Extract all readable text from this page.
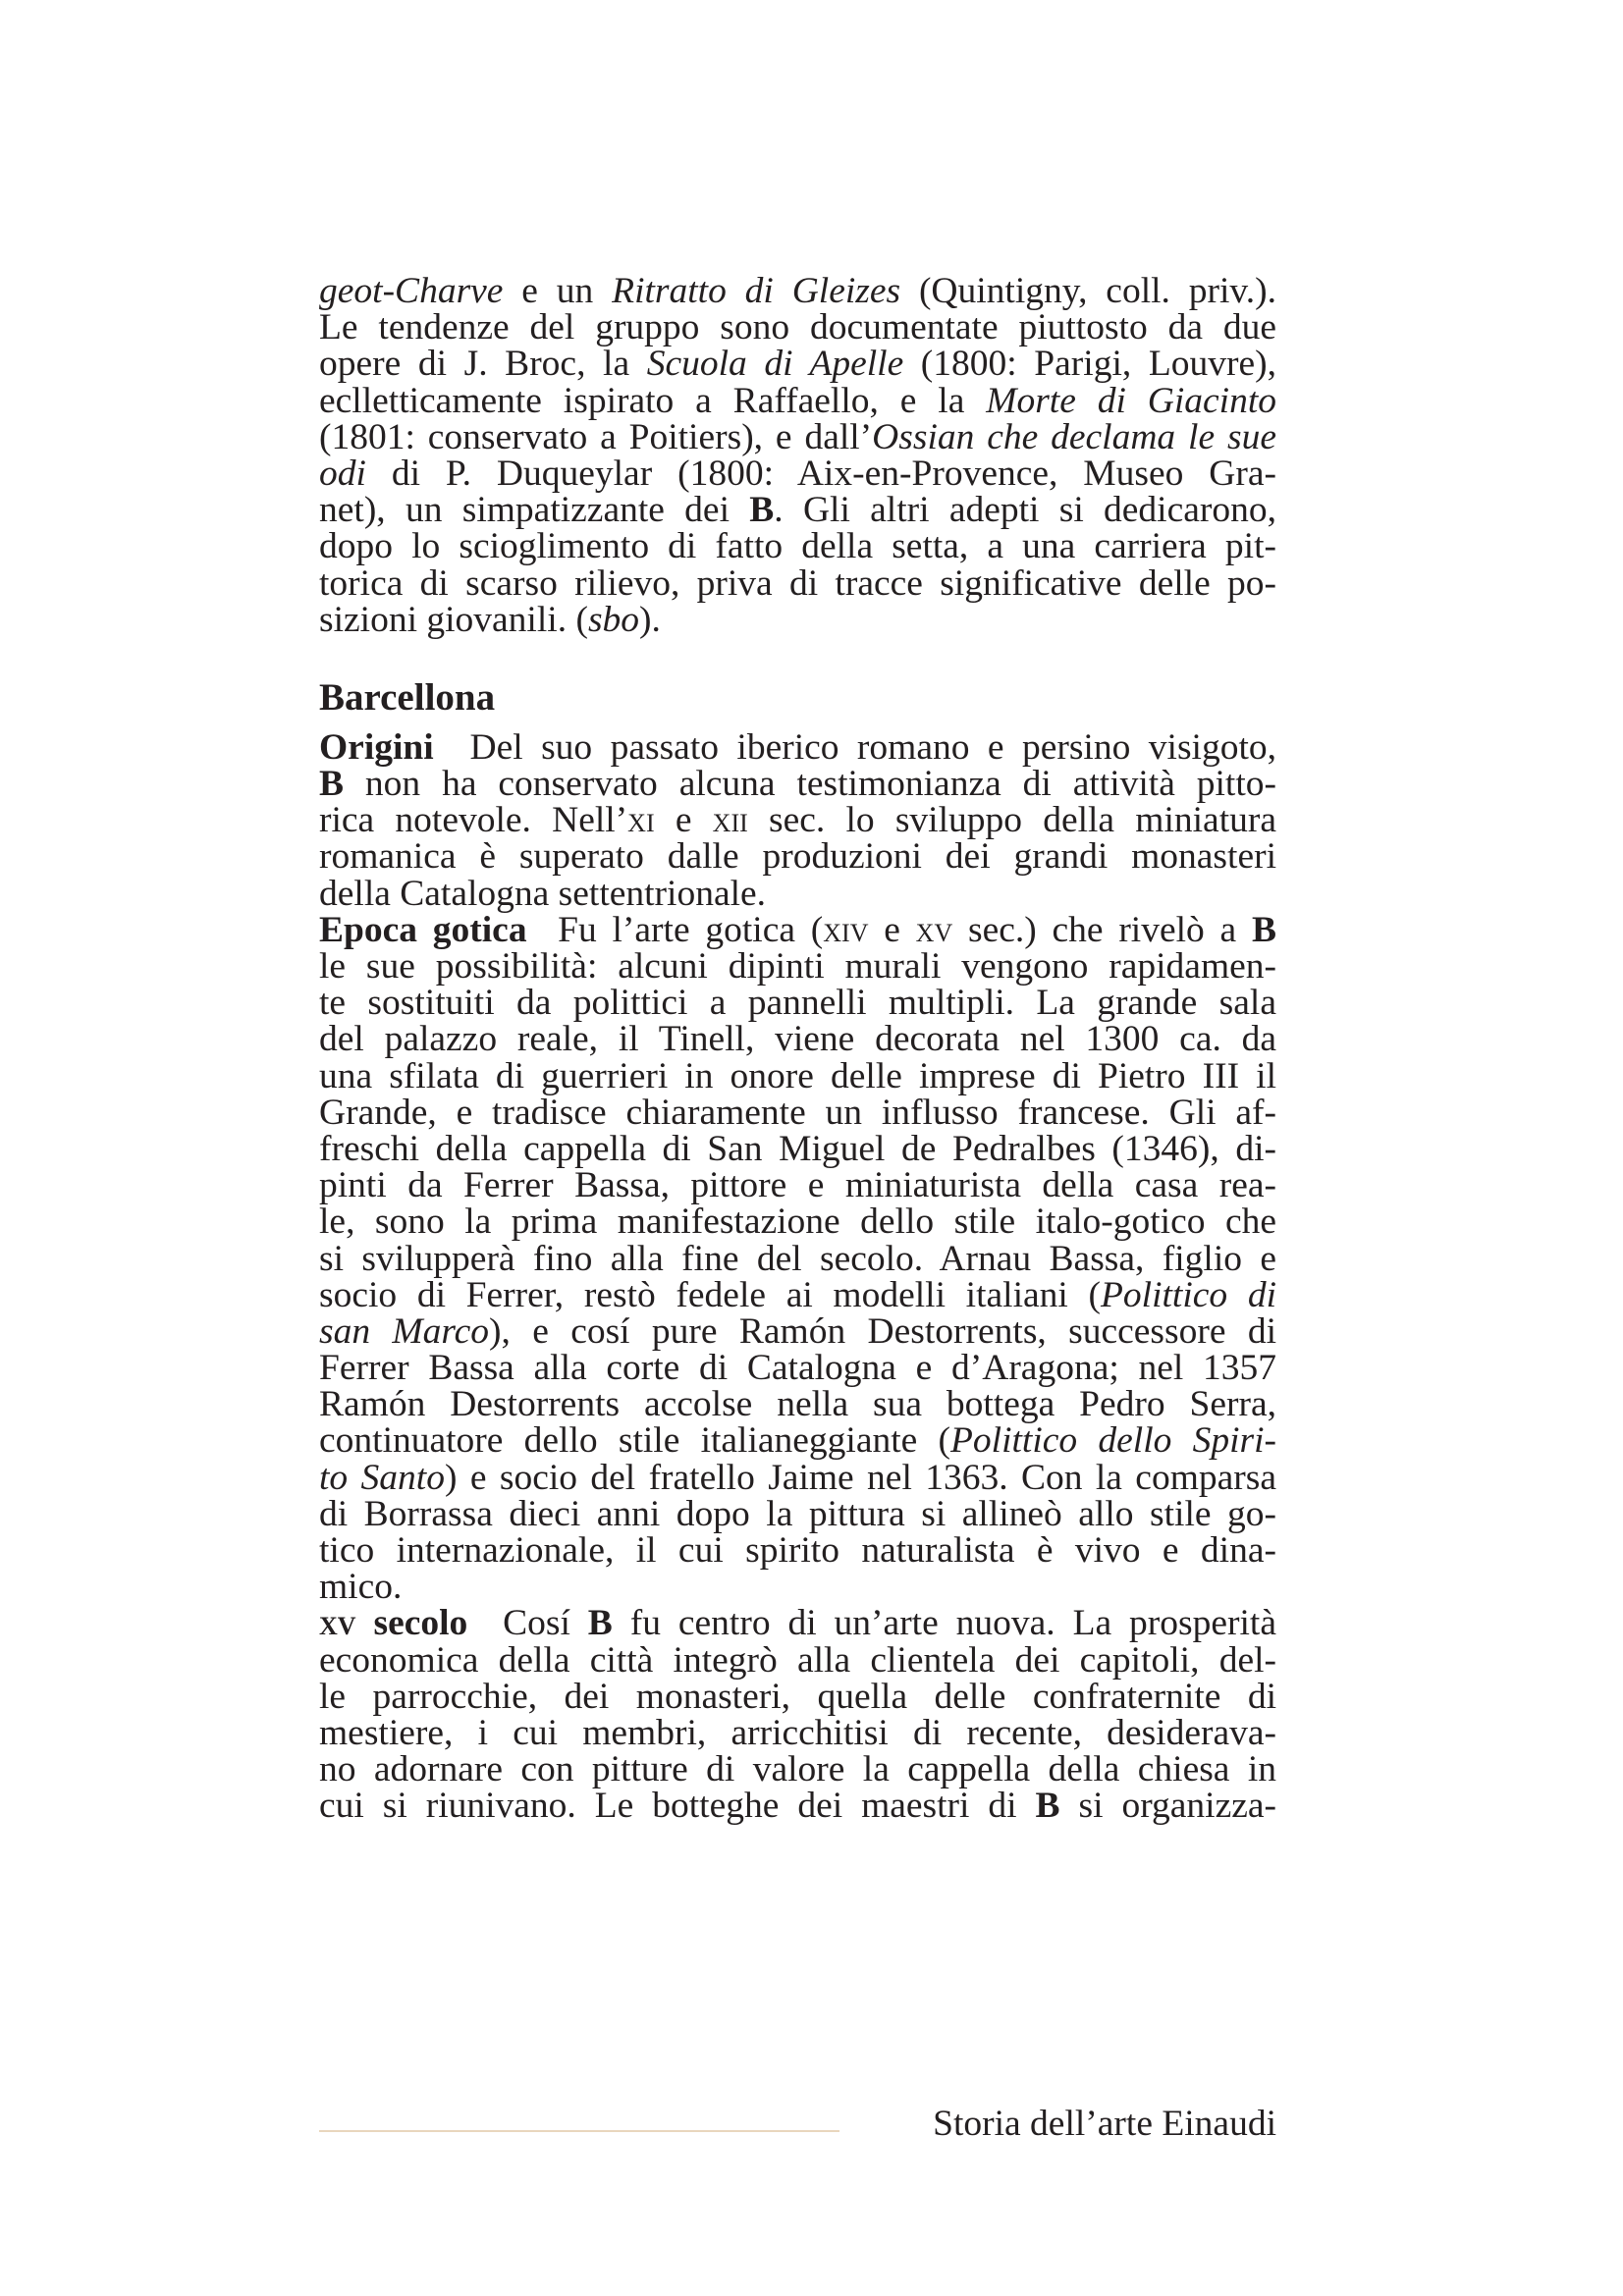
geot-Charve e un Ritratto di Gleizes (Quintigny, coll. priv.).
Le tendenze del gruppo sono documentate piuttosto da due
opere di J. Broc, la Scuola di Apelle (1800: Parigi, Louvre),
eclletticamente ispirato a Raffaello, e la Morte di Giacinto
(1801: conservato a Poitiers), e dall’Ossian che declama le sue
odi di P. Duqueylar (1800: Aix-en-Provence, Museo Gra-
net), un simpatizzante dei B. Gli altri adepti si dedicarono,
dopo lo scioglimento di fatto della setta, a una carriera pit-
torica di scarso rilievo, priva di tracce significative delle po-
sizioni giovanili. (sbo).
Barcellona
Origini  Del suo passato iberico romano e persino visigoto,
B non ha conservato alcuna testimonianza di attività pitto-
rica notevole. Nell’xi e xii sec. lo sviluppo della miniatura
romanica è superato dalle produzioni dei grandi monasteri
della Catalogna settentrionale.
Epoca gotica  Fu l’arte gotica (xiv e xv sec.) che rivelò a B
le sue possibilità: alcuni dipinti murali vengono rapidamen-
te sostituiti da polittici a pannelli multipli. La grande sala
del palazzo reale, il Tinell, viene decorata nel 1300 ca. da
una sfilata di guerrieri in onore delle imprese di Pietro III il
Grande, e tradisce chiaramente un influsso francese. Gli af-
freschi della cappella di San Miguel de Pedralbes (1346), di-
pinti da Ferrer Bassa, pittore e miniaturista della casa rea-
le, sono la prima manifestazione dello stile italo-gotico che
si svilupperà fino alla fine del secolo. Arnau Bassa, figlio e
socio di Ferrer, restò fedele ai modelli italiani (Polittico di
san Marco), e cosí pure Ramón Destorrents, successore di
Ferrer Bassa alla corte di Catalogna e d’Aragona; nel 1357
Ramón Destorrents accolse nella sua bottega Pedro Serra,
continuatore dello stile italianeggiante (Polittico dello Spiri-
to Santo) e socio del fratello Jaime nel 1363. Con la comparsa
di Borrassa dieci anni dopo la pittura si allineò allo stile go-
tico internazionale, il cui spirito naturalista è vivo e dina-
mico.
xv secolo  Cosí B fu centro di un’arte nuova. La prosperità
economica della città integrò alla clientela dei capitoli, del-
le parrocchie, dei monasteri, quella delle confraternite di
mestiere, i cui membri, arricchitisi di recente, desiderava-
no adornare con pitture di valore la cappella della chiesa in
cui si riunivano. Le botteghe dei maestri di B si organizza-
Storia dell’arte Einaudi
